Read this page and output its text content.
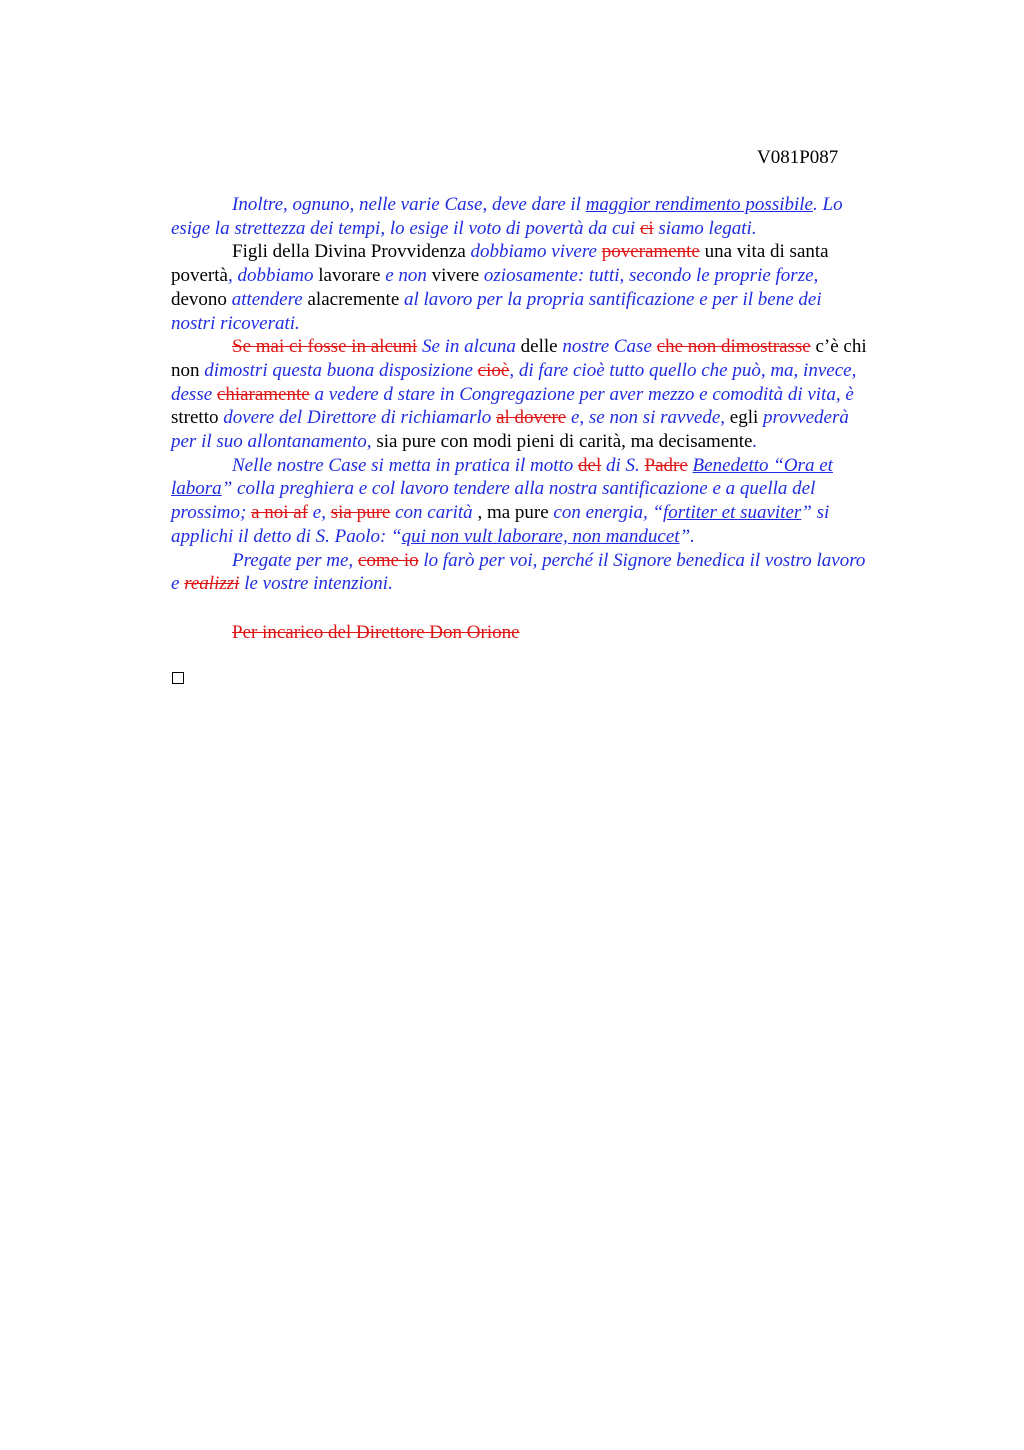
V081P087

Inoltre, ognuno, nelle varie Case, deve dare il maggior rendimento possibile. Lo
esige la strettezza dei tempi, lo esige il voto di povertà da cui ci siamo legati.

Figli della Divina Provvidenza dobbiamo vivere poveramente una vita di santa
povertà, dobbiamo lavorare e non vivere oziosamente: tutti, secondo le proprie forze,
devono attendere alacremente al lavoro per la propria santificazione e per il bene dei
nostri ricoverati.

Se mai ci fosse in alcuni Se in alcuna delle nostre Case che non dimostrasse c’è chi
non dimostri questa buona disposizione cioè, di fare cioè tutto quello che può, ma, invece,
desse chiaramente a vedere d stare in Congregazione per aver mezzo e comodità di vita, è
stretto dovere del Direttore di richiamarlo al dovere e, se non si ravvede, egli provvederà
per il suo allontanamento, sia pure con modi pieni di carità, ma decisamente.

Nelle nostre Case si metta in pratica il motto del di S. Padre Benedetto “Ora et
labora” colla preghiera e col lavoro tendere alla nostra santificazione e a quella del
prossimo; a noi af e, sia pure con carità , ma pure con energia, “fortiter et suaviter” si
applichi il detto di S. Paolo: “qui non vult laborare, non manducet”.

Pregate per me, come io lo farò per voi, perché il Signore benedica il vostro lavoro
e realizzi le vostre intenzioni.

Per incarico del Direttore Don Orione
